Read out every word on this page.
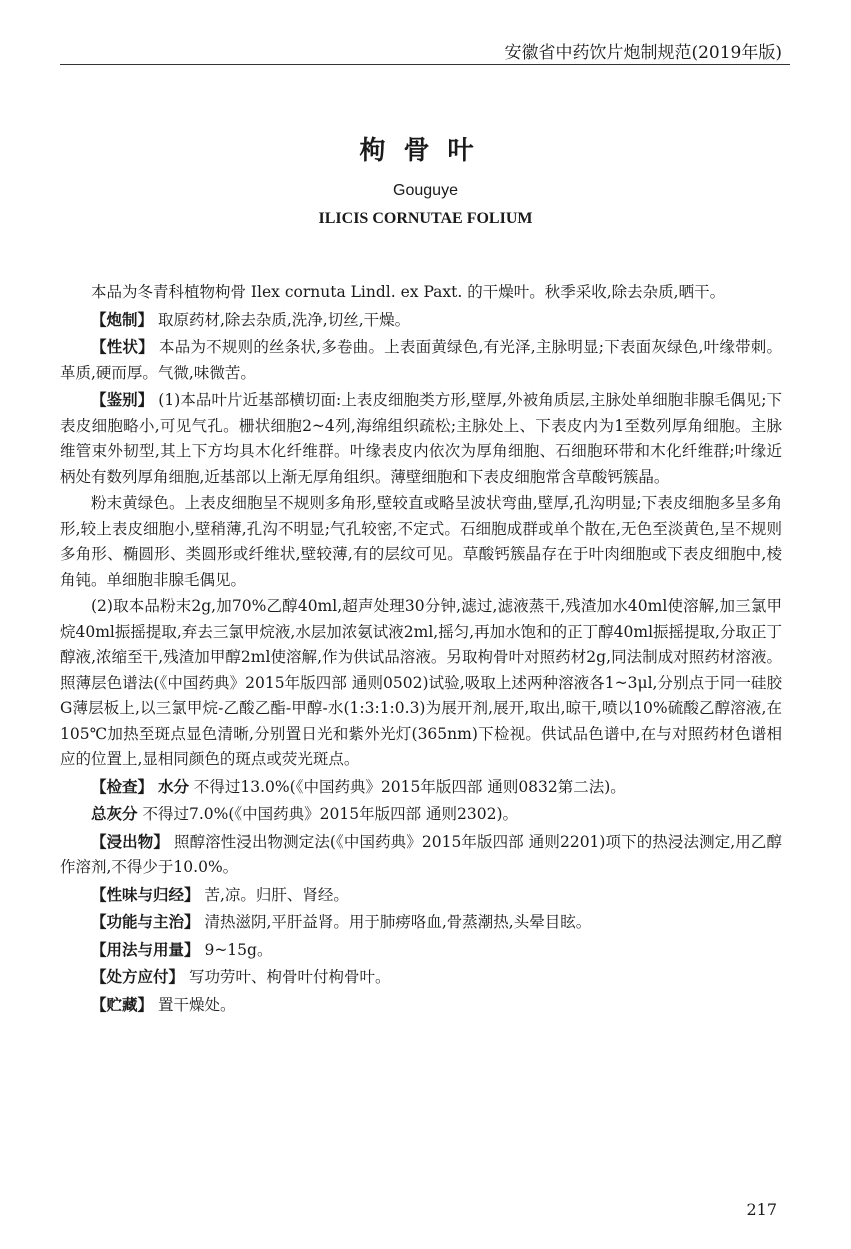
安徽省中药饮片炮制规范(2019年版)
枸骨叶
Gouguye
ILICIS CORNUTAE FOLIUM

本品为冬青科植物枸骨 Ilex cornuta Lindl. ex Paxt. 的干燥叶。秋季采收,除去杂质,晒干。

【炮制】 取原药材,除去杂质,洗净,切丝,干燥。

【性状】 本品为不规则的丝条状,多卷曲。上表面黄绿色,有光泽,主脉明显;下表面灰绿色,叶缘带刺。革质,硬而厚。气微,味微苦。

【鉴别】 (1)本品叶片近基部横切面:上表皮细胞类方形,壁厚,外被角质层,主脉处单细胞非腺毛偶见;下表皮细胞略小,可见气孔。栅状细胞2~4列,海绵组织疏松;主脉处上、下表皮内为1至数列厚角细胞。主脉维管束外韧型,其上下方均具木化纤维群。叶缘表皮内依次为厚角细胞、石细胞环带和木化纤维群;叶缘近柄处有数列厚角细胞,近基部以上渐无厚角组织。薄壁细胞和下表皮细胞常含草酸钙簇晶。

粉末黄绿色。上表皮细胞呈不规则多角形,壁较直或略呈波状弯曲,壁厚,孔沟明显;下表皮细胞多呈多角形,较上表皮细胞小,壁稍薄,孔沟不明显;气孔较密,不定式。石细胞成群或单个散在,无色至淡黄色,呈不规则多角形、椭圆形、类圆形或纤维状,壁较薄,有的层纹可见。草酸钙簇晶存在于叶肉细胞或下表皮细胞中,棱角钝。单细胞非腺毛偶见。

(2)取本品粉末2g,加70%乙醇40ml,超声处理30分钟,滤过,滤液蒸干,残渣加水40ml使溶解,加三氯甲烷40ml振摇提取,弃去三氯甲烷液,水层加浓氨试液2ml,摇匀,再加水饱和的正丁醇40ml振摇提取,分取正丁醇液,浓缩至干,残渣加甲醇2ml使溶解,作为供试品溶液。另取枸骨叶对照药材2g,同法制成对照药材溶液。照薄层色谱法(《中国药典》2015年版四部 通则0502)试验,吸取上述两种溶液各1~3μl,分别点于同一硅胶G薄层板上,以三氯甲烷-乙酸乙酯-甲醇-水(1:3:1:0.3)为展开剂,展开,取出,晾干,喷以10%硫酸乙醇溶液,在105℃加热至斑点显色清晰,分别置日光和紫外光灯(365nm)下检视。供试品色谱中,在与对照药材色谱相应的位置上,显相同颜色的斑点或荧光斑点。

【检查】 水分 不得过13.0%(《中国药典》2015年版四部 通则0832第二法)。

总灰分 不得过7.0%(《中国药典》2015年版四部 通则2302)。

【浸出物】 照醇溶性浸出物测定法(《中国药典》2015年版四部 通则2201)项下的热浸法测定,用乙醇作溶剂,不得少于10.0%。

【性味与归经】 苦,凉。归肝、肾经。

【功能与主治】 清热滋阴,平肝益肾。用于肺痨咯血,骨蒸潮热,头晕目眩。

【用法与用量】 9~15g。

【处方应付】 写功劳叶、枸骨叶付枸骨叶。

【贮藏】 置干燥处。

217
